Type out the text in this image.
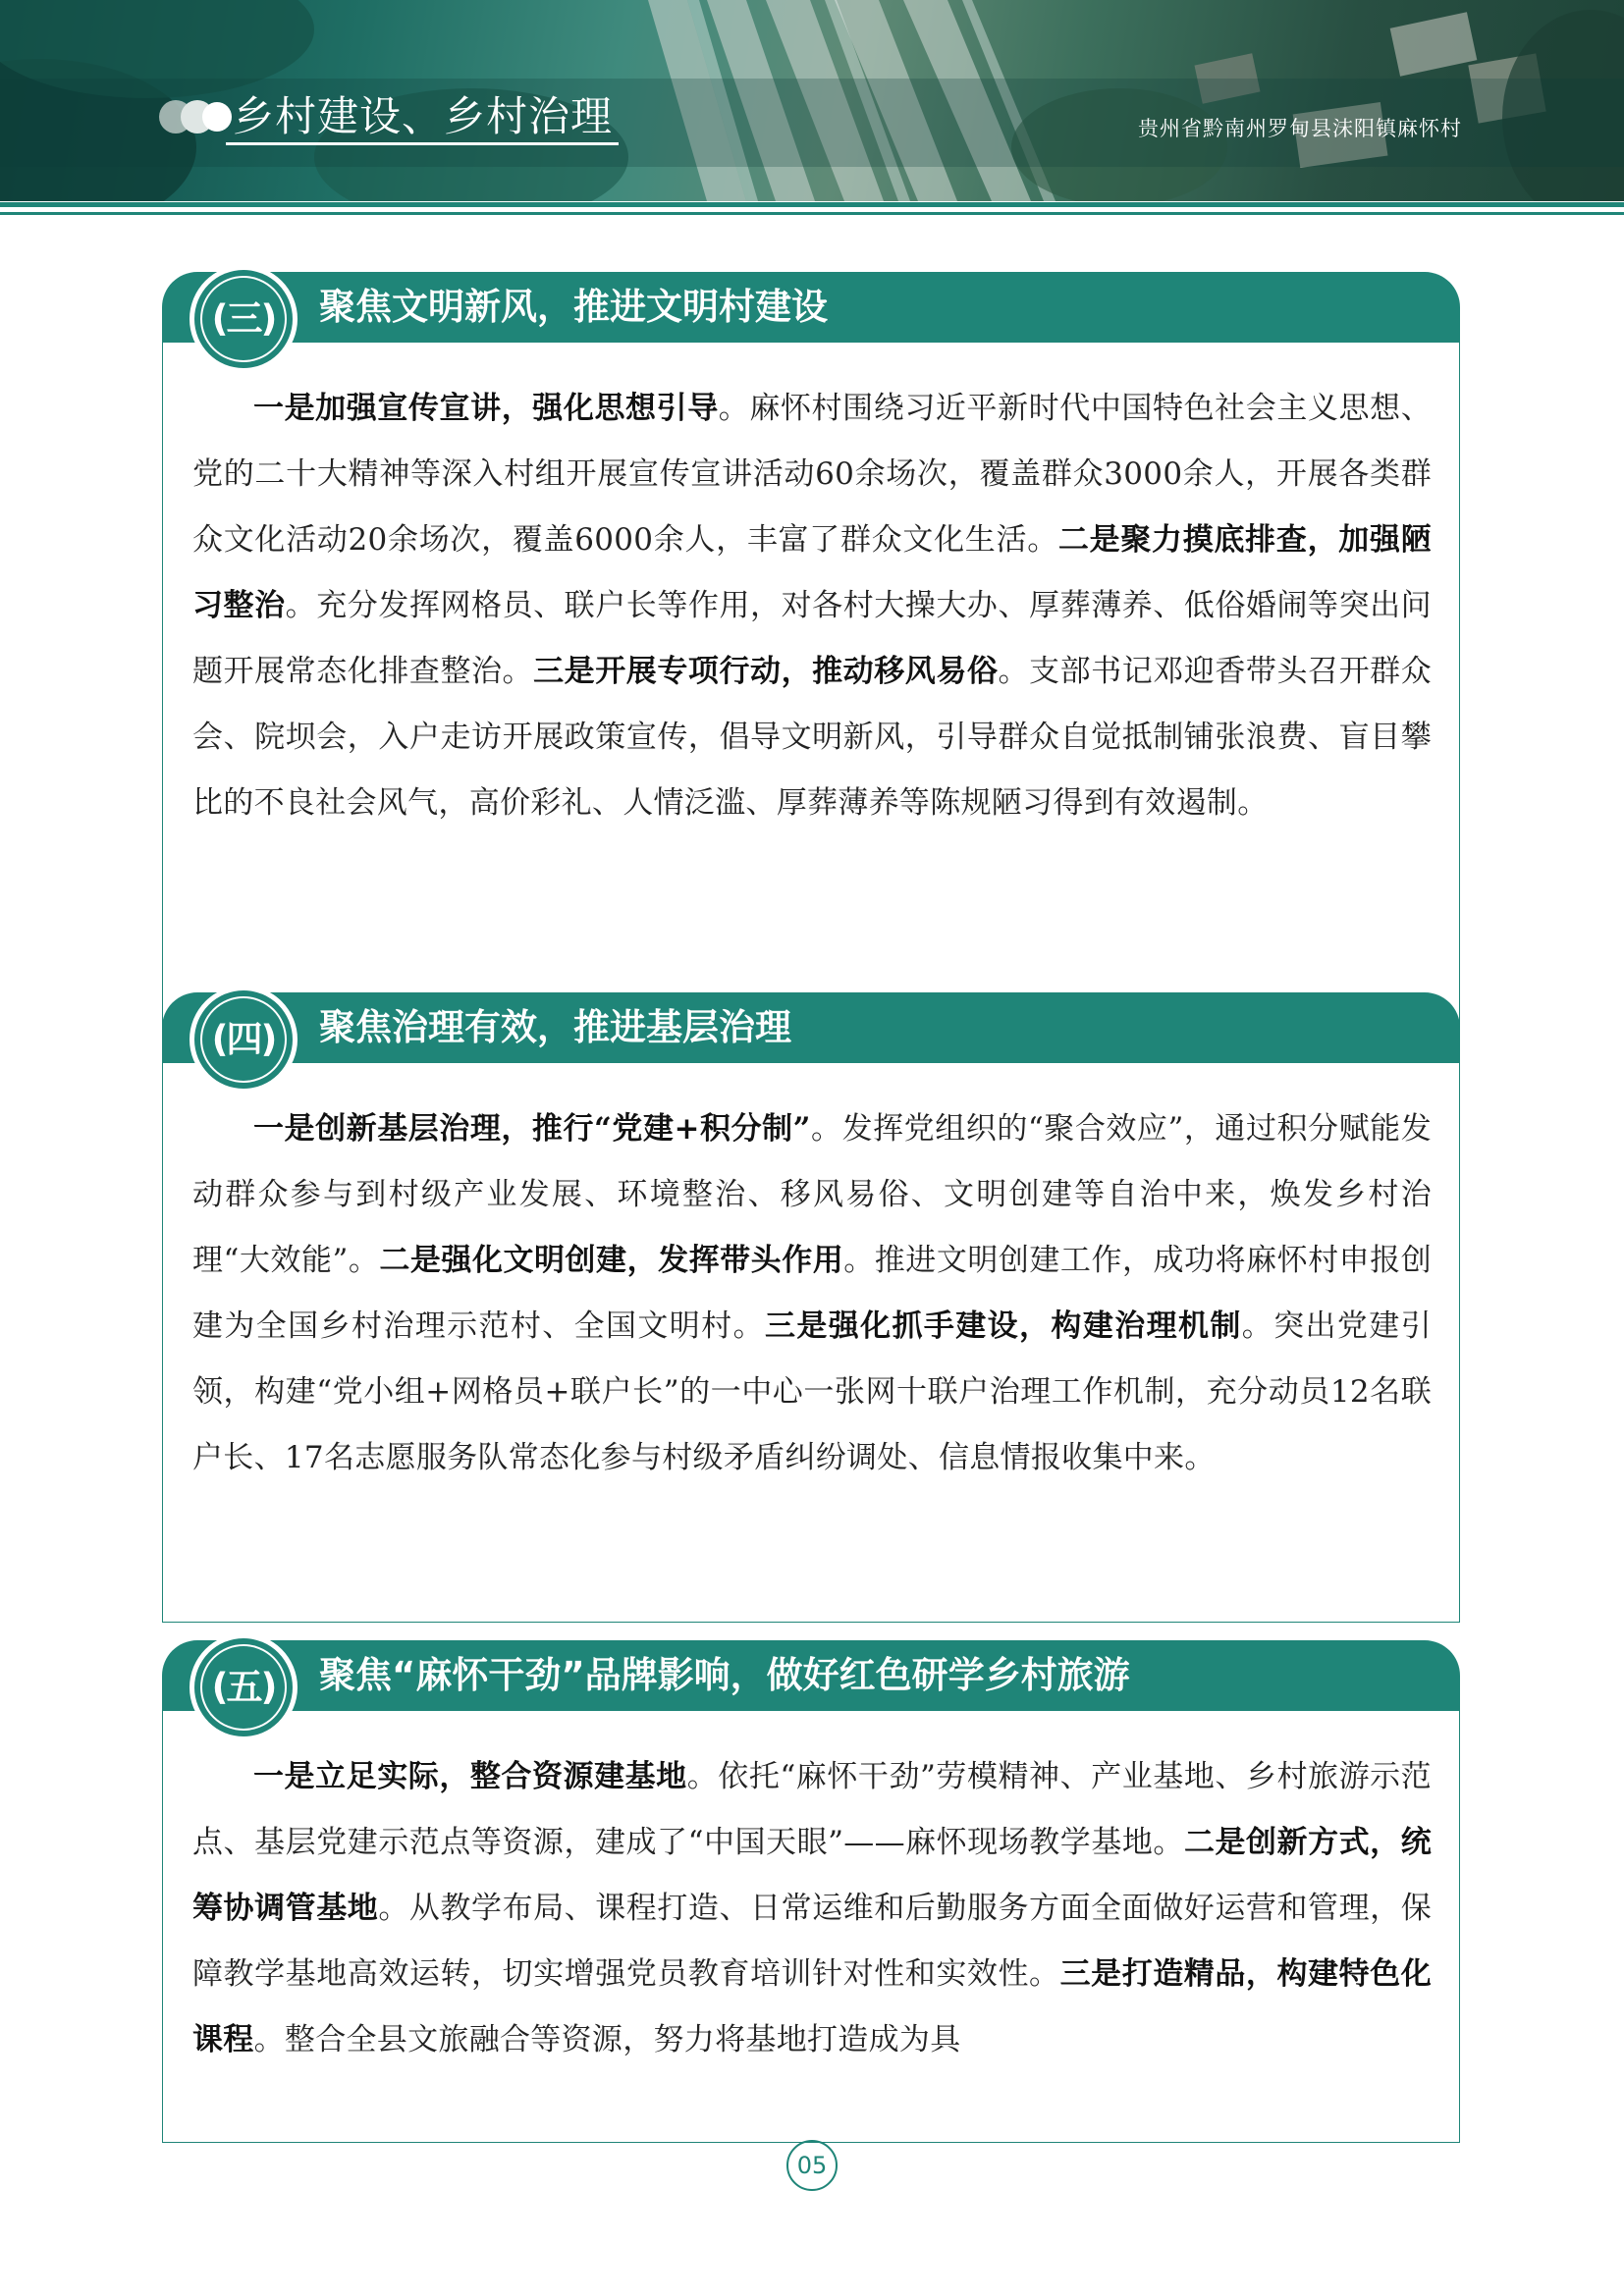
乡村建设、乡村治理	贵州省黔南州罗甸县沫阳镇麻怀村

一是加强宣传宣讲，强化思想引导。麻怀村围绕习近平新时代中国特色社会主义思想、党的二十大精神等深入村组开展宣传宣讲活动60余场次，覆盖群众3000余人，开展各类群众文化活动20余场次，覆盖6000余人，丰富了群众文化生活。二是聚力摸底排查，加强陋习整治。充分发挥网格员、联户长等作用，对各村大操大办、厚葬薄养、低俗婚闹等突出问题开展常态化排查整治。三是开展专项行动，推动移风易俗。支部书记邓迎香带头召开群众会、院坝会，入户走访开展政策宣传，倡导文明新风，引导群众自觉抵制铺张浪费、盲目攀比的不良社会风气，高价彩礼、人情泛滥、厚葬薄养等陈规陋习得到有效遏制。

聚焦文明新风，推进文明村建设
(三)

一是创新基层治理，推行“党建+积分制”。发挥党组织的“聚合效应”，通过积分赋能发动群众参与到村级产业发展、环境整治、移风易俗、文明创建等自治中来，焕发乡村治理“大效能”。二是强化文明创建，发挥带头作用。推进文明创建工作，成功将麻怀村申报创建为全国乡村治理示范村、全国文明村。三是强化抓手建设，构建治理机制。突出党建引领，构建“党小组+网格员+联户长”的一中心一张网十联户治理工作机制，充分动员12名联户长、17名志愿服务队常态化参与村级矛盾纠纷调处、信息情报收集中来。

聚焦治理有效，推进基层治理
(四)

一是立足实际，整合资源建基地。依托“麻怀干劲”劳模精神、产业基地、乡村旅游示范点、基层党建示范点等资源，建成了“中国天眼”——麻怀现场教学基地。二是创新方式，统筹协调管基地。从教学布局、课程打造、日常运维和后勤服务方面全面做好运营和管理，保障教学基地高效运转，切实增强党员教育培训针对性和实效性。三是打造精品，构建特色化课程。整合全县文旅融合等资源，努力将基地打造成为具

聚焦“麻怀干劲”品牌影响，做好红色研学乡村旅游
(五)
05
